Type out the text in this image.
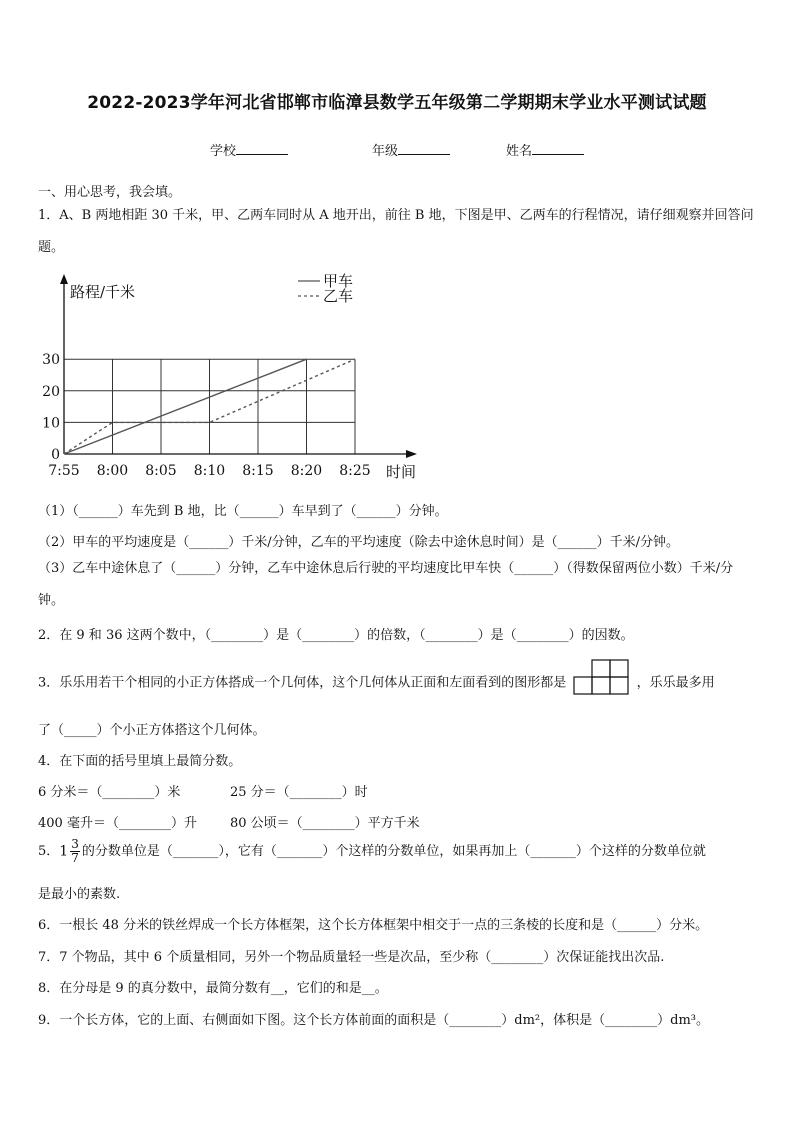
2022-2023学年河北省邯郸市临漳县数学五年级第二学期期末学业水平测试试题
学校	年级	姓名
一、用心思考，我会填。
1．A、B 两地相距 30 千米，甲、乙两车同时从 A 地开出，前往 B 地，下图是甲、乙两车的行程情况，请仔细观察并回答问题。
0
10
20
30
7:55 8:00 8:05 8:10 8:15 8:20 8:25
路程/千米
时间
甲车
乙车
（1）（______）车先到 B 地，比（______）车早到了（______）分钟。
（2）甲车的平均速度是（______）千米/分钟，乙车的平均速度（除去中途休息时间）是（______）千米/分钟。
（3）乙车中途休息了（______）分钟，乙车中途休息后行驶的平均速度比甲车快（______）（得数保留两位小数）千米/分钟。
2．在 9 和 36 这两个数中，（________）是（________）的倍数，（________）是（________）的因数。
3．乐乐用若干个相同的小正方体搭成一个几何体，这个几何体从正面和左面看到的图形都是	，乐乐最多用
了（_____）个小正方体搭这个几何体。
4．在下面的括号里填上最简分数。
6 分米＝（________）米	25 分＝（________）时
400 毫升＝（________）升	80 公顷＝（________）平方千米
5．$1 \frac{3}{7}$ 的分数单位是（_______），它有（_______）个这样的分数单位，如果再加上（_______）个这样的分数单位就
是最小的素数.
6．一根长 48 分米的铁丝焊成一个长方体框架，这个长方体框架中相交于一点的三条棱的长度和是（______）分米。
7．7 个物品，其中 6 个质量相同，另外一个物品质量轻一些是次品，至少称（________）次保证能找出次品.
8．在分母是 9 的真分数中，最简分数有__，它们的和是__。
9．一个长方体，它的上面、右侧面如下图。这个长方体前面的面积是（________）dm²，体积是（________）dm³。
